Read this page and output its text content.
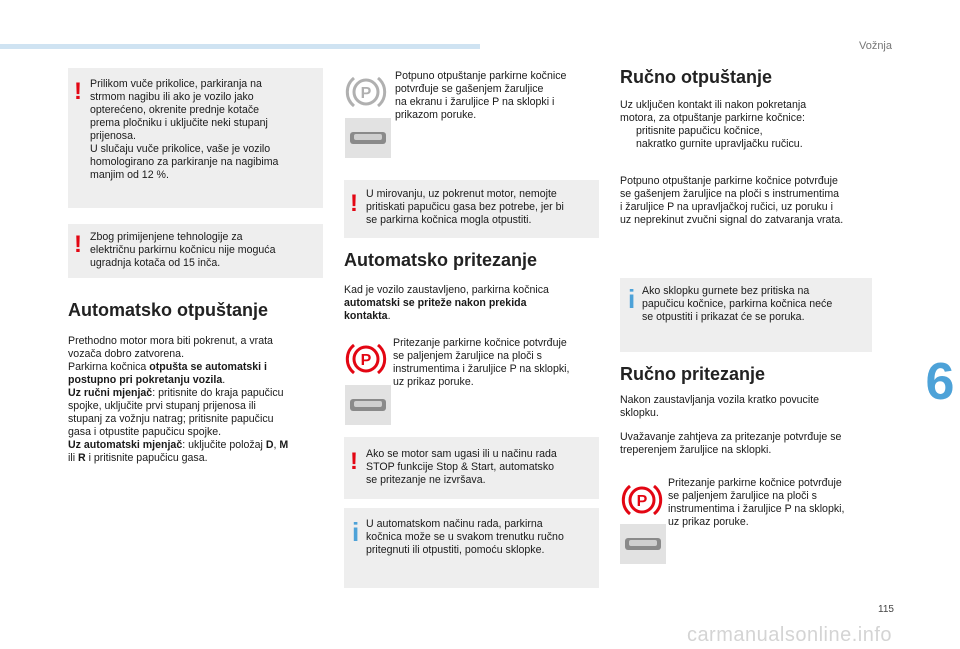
Vožnja
6
115
carmanualsonline.info
! Prilikom vuče prikolice, parkiranja na
strmom nagibu ili ako je vozilo jako
opterećeno, okrenite prednje kotače
prema pločniku i uključite neki stupanj
prijenosa.
U slučaju vuče prikolice, vaše je vozilo
homologirano za parkiranje na nagibima
manjim od 12 %.
! Zbog primijenjene tehnologije za
električnu parkirnu kočnicu nije moguća
ugradnja kotača od 15 inča.
Automatsko otpuštanje
Prethodno motor mora biti pokrenut, a vrata
vozača dobro zatvorena.
Parkirna kočnica otpušta se automatski i
postupno pri pokretanju vozila.
Uz ručni mjenjač: pritisnite do kraja papučicu
spojke, uključite prvi stupanj prijenosa ili
stupanj za vožnju natrag; pritisnite papučicu
gasa i otpustite papučicu spojke.
Uz automatski mjenjač: uključite položaj D, M
ili R i pritisnite papučicu gasa.
P
Potpuno otpuštanje parkirne kočnice
potvrđuje se gašenjem žaruljice
na ekranu i žaruljice P na sklopki i
prikazom poruke.
! U mirovanju, uz pokrenut motor, nemojte
pritiskati papučicu gasa bez potrebe, jer bi
se parkirna kočnica mogla otpustiti.
Automatsko pritezanje
Kad je vozilo zaustavljeno, parkirna kočnica
automatski se priteže nakon prekida
kontakta.
P
Pritezanje parkirne kočnice potvrđuje
se paljenjem žaruljice na ploči s
instrumentima i žaruljice P na sklopki,
uz prikaz poruke.
! Ako se motor sam ugasi ili u načinu rada
STOP funkcije Stop & Start, automatsko
se pritezanje ne izvršava.
i U automatskom načinu rada, parkirna
kočnica može se u svakom trenutku ručno
pritegnuti ili otpustiti, pomoću sklopke.
Ručno otpuštanje
Uz uključen kontakt ili nakon pokretanja
motora, za otpuštanje parkirne kočnice:
pritisnite papučicu kočnice,
nakratko gurnite upravljačku ručicu.
Potpuno otpuštanje parkirne kočnice potvrđuje
se gašenjem žaruljice na ploči s instrumentima
i žaruljice P na upravljačkoj ručici, uz poruku i
uz neprekinut zvučni signal do zatvaranja vrata.
i Ako sklopku gurnete bez pritiska na
papučicu kočnice, parkirna kočnica neće
se otpustiti i prikazat će se poruka.
Ručno pritezanje
Nakon zaustavljanja vozila kratko povucite
sklopku.
Uvažavanje zahtjeva za pritezanje potvrđuje se
treperenjem žaruljice na sklopki.
P
Pritezanje parkirne kočnice potvrđuje
se paljenjem žaruljice na ploči s
instrumentima i žaruljice P na sklopki,
uz prikaz poruke.
